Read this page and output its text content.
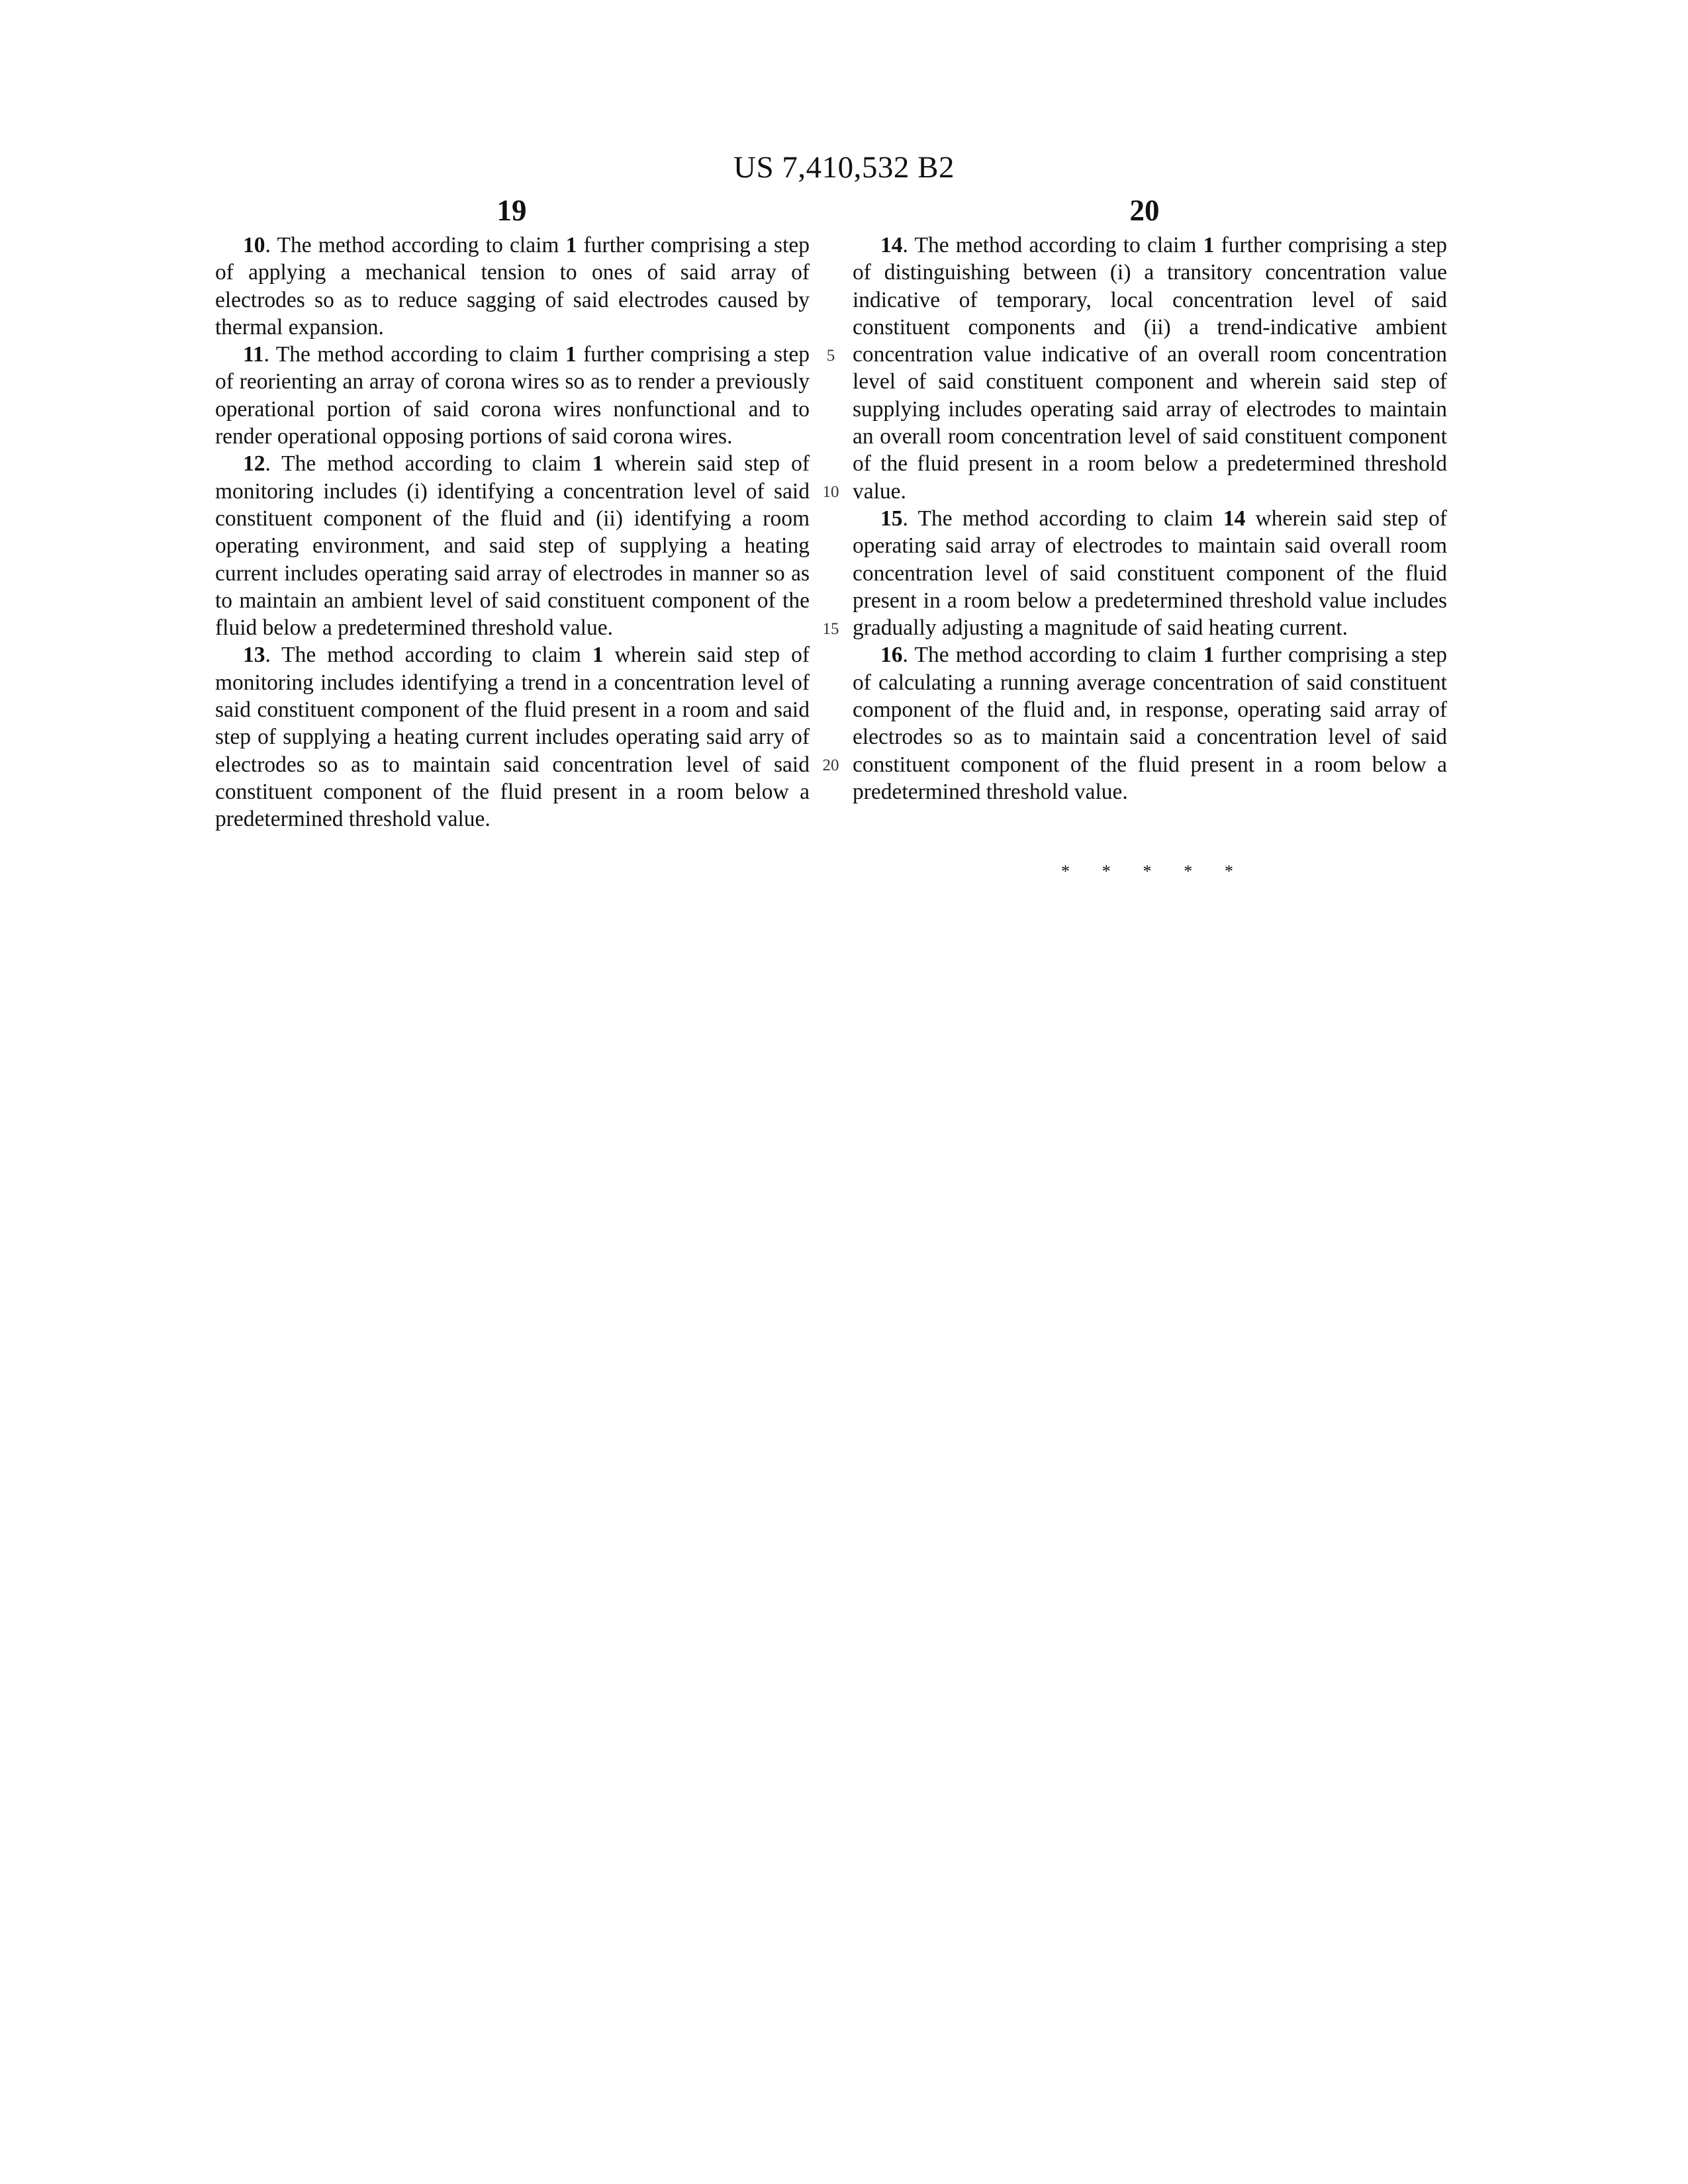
US 7,410,532 B2
19	20

10. The method according to claim 1 further comprising a step of applying a mechanical tension to ones of said array of electrodes so as to reduce sagging of said electrodes caused by thermal expansion.

11. The method according to claim 1 further comprising a step of reorienting an array of corona wires so as to render a previously operational portion of said corona wires nonfunctional and to render operational opposing portions of said corona wires.

12. The method according to claim 1 wherein said step of monitoring includes (i) identifying a concentration level of said constituent component of the fluid and (ii) identifying a room operating environment, and said step of supplying a heating current includes operating said array of electrodes in manner so as to maintain an ambient level of said constituent component of the fluid below a predetermined threshold value.

13. The method according to claim 1 wherein said step of monitoring includes identifying a trend in a concentration level of said constituent component of the fluid present in a room and said step of supplying a heating current includes operating said arry of electrodes so as to maintain said concentration level of said constituent component of the fluid present in a room below a predetermined threshold value.

5
10
15
20

14. The method according to claim 1 further comprising a step of distinguishing between (i) a transitory concentration value indicative of temporary, local concentration level of said constituent components and (ii) a trend-indicative ambient concentration value indicative of an overall room concentration level of said constituent component and wherein said step of supplying includes operating said array of electrodes to maintain an overall room concentration level of said constituent component of the fluid present in a room below a predetermined threshold value.

15. The method according to claim 14 wherein said step of operating said array of electrodes to maintain said overall room concentration level of said constituent component of the fluid present in a room below a predetermined threshold value includes gradually adjusting a magnitude of said heating current.

16. The method according to claim 1 further comprising a step of calculating a running average concentration of said constituent component of the fluid and, in response, operating said array of electrodes so as to maintain said a concentration level of said constituent component of the fluid present in a room below a predetermined threshold value.

* * * * *
